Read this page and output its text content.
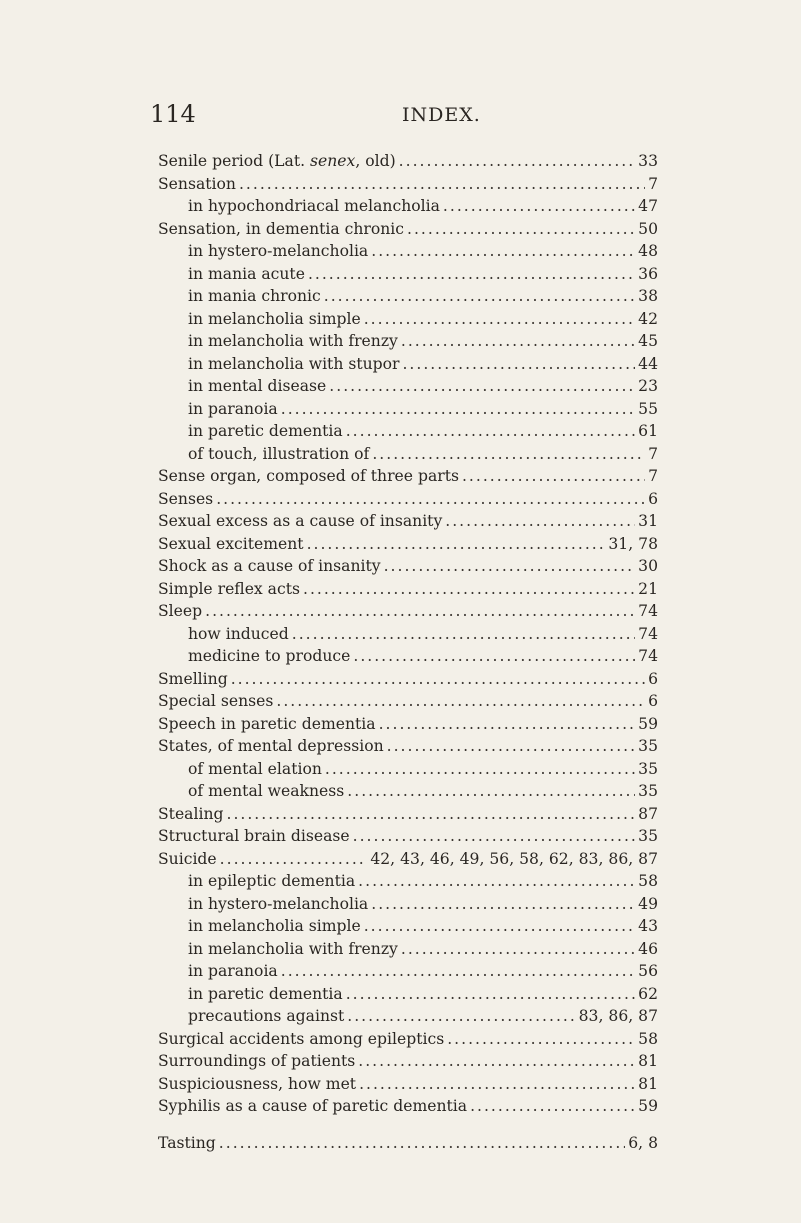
114	INDEX.
Senile period (Lat. senex, old) .....	33
Sensation .....	7
in hypochondriacal melancholia .....	47
Sensation, in dementia chronic .....	50
in hystero-melancholia .....	48
in mania acute .....	36
in mania chronic .....	38
in melancholia simple .....	42
in melancholia with frenzy .....	45
in melancholia with stupor .....	44
in mental disease .....	23
in paranoia .....	55
in paretic dementia .....	61
of touch, illustration of .....	7
Sense organ, composed of three parts .....	7
Senses .....	6
Sexual excess as a cause of insanity .....	31
Sexual excitement .....	31, 78
Shock as a cause of insanity .....	30
Simple reflex acts .....	21
Sleep .....	74
how induced .....	74
medicine to produce .....	74
Smelling .....	6
Special senses .....	6
Speech in paretic dementia .....	59
States, of mental depression .....	35
of mental elation .....	35
of mental weakness .....	35
Stealing .....	87
Structural brain disease .....	35
Suicide .....	42, 43, 46, 49, 56, 58, 62, 83, 86, 87
in epileptic dementia .....	58
in hystero-melancholia .....	49
in melancholia simple .....	43
in melancholia with frenzy .....	46
in paranoia .....	56
in paretic dementia .....	62
precautions against .....	83, 86, 87
Surgical accidents among epileptics .....	58
Surroundings of patients .....	81
Suspiciousness, how met .....	81
Syphilis as a cause of paretic dementia .....	59
Tasting .....	6, 8
